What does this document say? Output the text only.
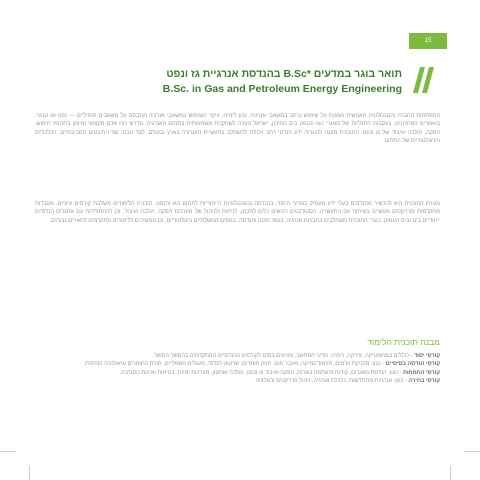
15
תואר בוגר במדעים *B.Sc בהנדסת אנרגיית גז ונפט
B.Sc. in Gas and Petroleum Energy Engineering
התפתחות החברה והטכנולוגיה האנושית נשענת על שימוש נרחב במשאבי אנרגיה. נכון לימינו, עיקר השימוש במשאבי אנרגיה מתבסס על משאבים פוסיליים — נפט וגז טבעי. בעשורים האחרונים, בעקבות התגליות של מאגרי הגז והנפט בים התיכון, ישראל הפכה לשחקנית משמעותית בתחום האנרגיה, ונדרש כוח אדם מקצועי ומיומן בתחומי חיפוש, הפקה, הולכה ועיבוד של גז ונפט. התוכנית מקנה לבוגריה ידע הנדסי רחב ויכולת להשתלב בתעשיית האנרגיה בארץ ובעולם, לצד הבנה של ההיבטים הסביבתיים, הכלכליים והרגולטוריים של התחום.
מטרת התוכנית היא להכשיר מהנדסים בעלי ידע מעמיק במדעי היסוד, בהנדסה ובטכנולוגיות הייחודיות לתחום הגז והנפט. תוכנית הלימודים משלבת קורסים עיוניים, מעבדות מתקדמות ופרויקטים מעשיים בשיתוף עם התעשייה. הסטודנטים רוכשים כלים לתכנון, לניתוח ולניהול של מערכות הפקה, הולכה ועיבוד, וכן להתמודדות עם אתגרים הנדסיים ייחודיים בים ובים העמוק. בוגרי התוכנית משתלבים בחברות אנרגיה, בגופי תכנון והנדסה, בגופים ממשלתיים ורגולטוריים, וכן ממשיכים ללימודים מתקדמים לתארים גבוהים.
מבנה תוכנית הלימוד

קורסי יסוד - כוללים במתמטיקה, פיזיקה, כימיה, מדעי המחשב, ומהווים בסיס לקורסים ההנדסיים המתקדמים בהמשך התואר.

קורסי הנדסה בסיסיים - כגון: מכניקת זורמים, תרמודינמיקה, מעבר חום, חוזק חומרים, שרטוט הנדסי, מעגלים חשמליים, תורת החומרים וגיאולוגיה הנדסית.

קורסי התמחות - כגון: הנדסת מאגרים, קידוח והשלמת בארות, הפקה ועיבוד גז ונפט, הולכה ואחסון, מערכות ימיות, בטיחות ואיכות הסביבה.

קורסי בחירה - כגון: אנרגיות מתחדשות, כלכלת אנרגיה, ניהול פרויקטים ורגולציה.
